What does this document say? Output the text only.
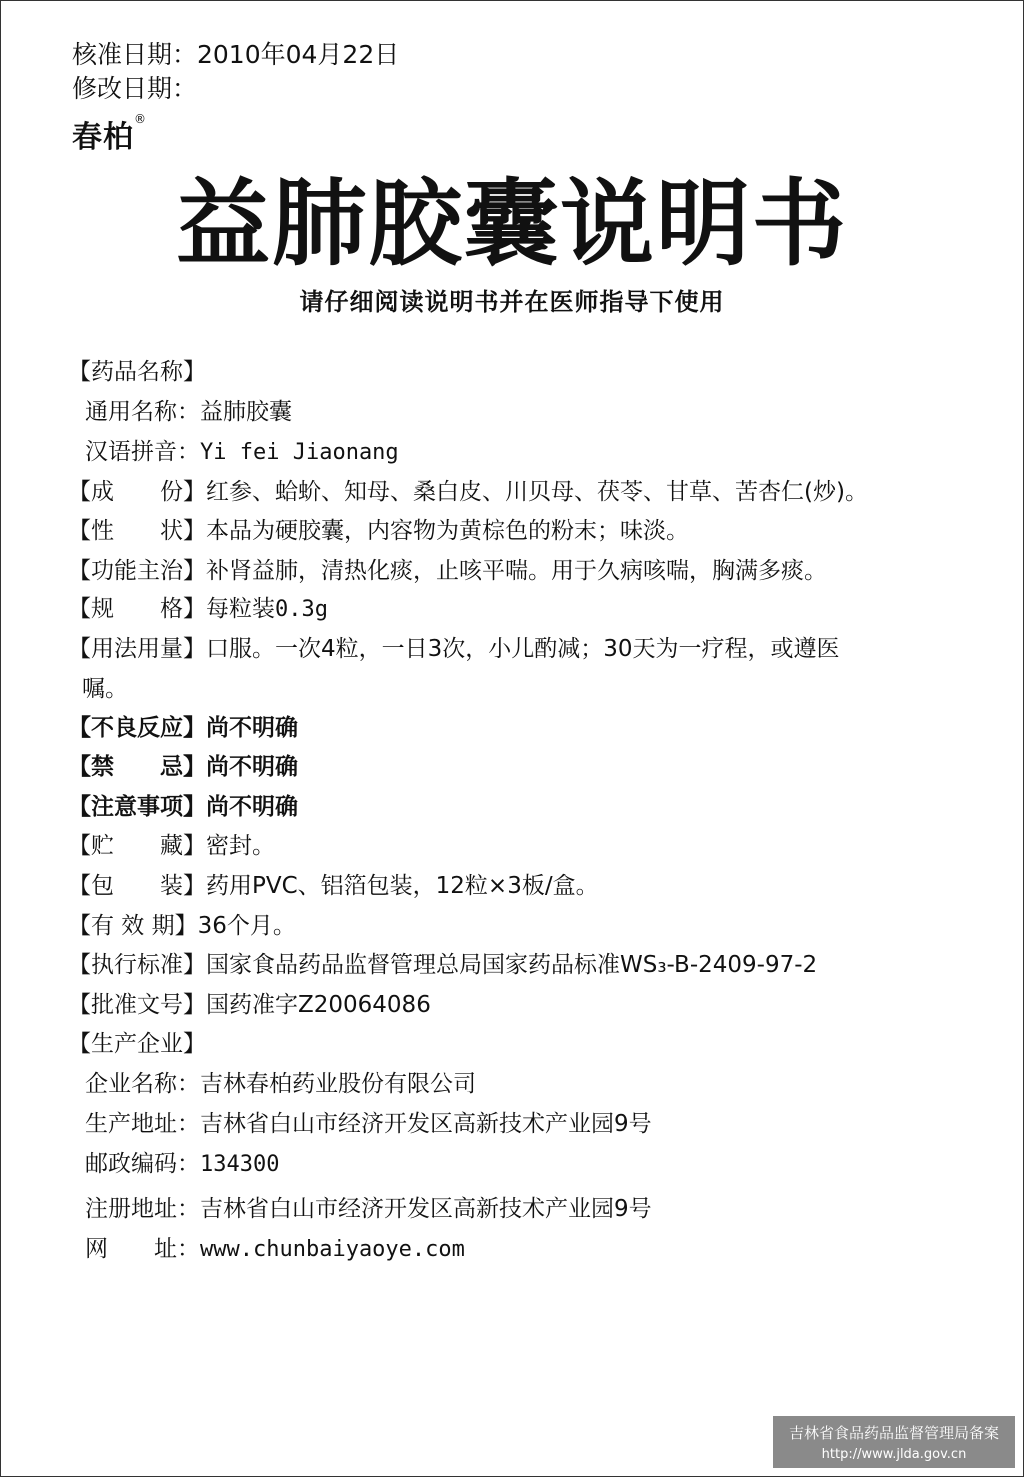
核准日期：2010年04月22日
修改日期：
春柏®
益肺胶囊说明书
请仔细阅读说明书并在医师指导下使用
【药品名称】
通用名称：益肺胶囊
汉语拼音：Yi fei Jiaonang
【成　　份】红参、蛤蚧、知母、桑白皮、川贝母、茯苓、甘草、苦杏仁(炒)。
【性　　状】本品为硬胶囊，内容物为黄棕色的粉末；味淡。
【功能主治】补肾益肺，清热化痰，止咳平喘。用于久病咳喘，胸满多痰。
【规　　格】每粒装0.3g
【用法用量】口服。一次4粒，一日3次，小儿酌减；30天为一疗程，或遵医
嘱。
【不良反应】尚不明确
【禁　　忌】尚不明确
【注意事项】尚不明确
【贮　　藏】密封。
【包　　装】药用PVC、铝箔包装，12粒×3板/盒。
【有 效 期】36个月。
【执行标准】国家食品药品监督管理总局国家药品标准WS₃-B-2409-97-2
【批准文号】国药准字Z20064086
【生产企业】
企业名称：吉林春柏药业股份有限公司
生产地址：吉林省白山市经济开发区高新技术产业园9号
邮政编码：134300
注册地址：吉林省白山市经济开发区高新技术产业园9号
网　　址：www.chunbaiyaoye.com
吉林省食品药品监督管理局备案
http://www.jlda.gov.cn
